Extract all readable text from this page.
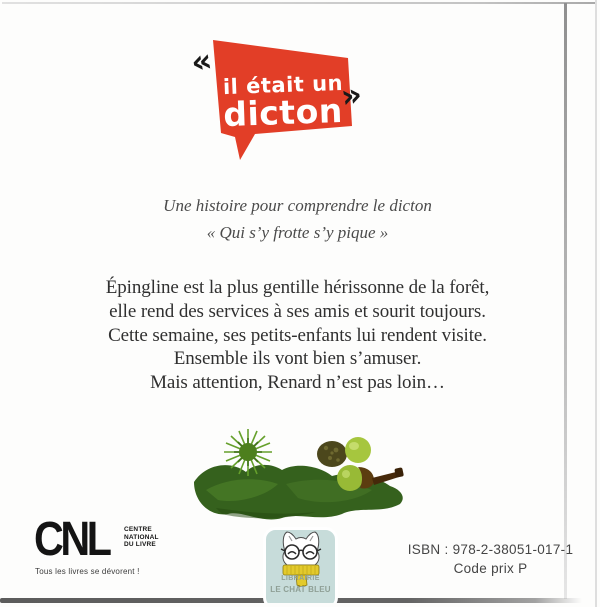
«
»
il était un
dicton
Une histoire pour comprendre le dicton
« Qui s’y frotte s’y pique »
Épingline est la plus gentille hérissonne de la forêt,
elle rend des services à ses amis et sourit toujours.
Cette semaine, ses petits-enfants lui rendent visite.
Ensemble ils vont bien s’amuser.
Mais attention, Renard n’est pas loin…
CNL CENTRE
NATIONAL
DU LIVRE
Tous les livres se dévorent !
LIBRAIRIE
LE CHAT BLEU
ISBN : 978-2-38051-017-1
Code prix P
